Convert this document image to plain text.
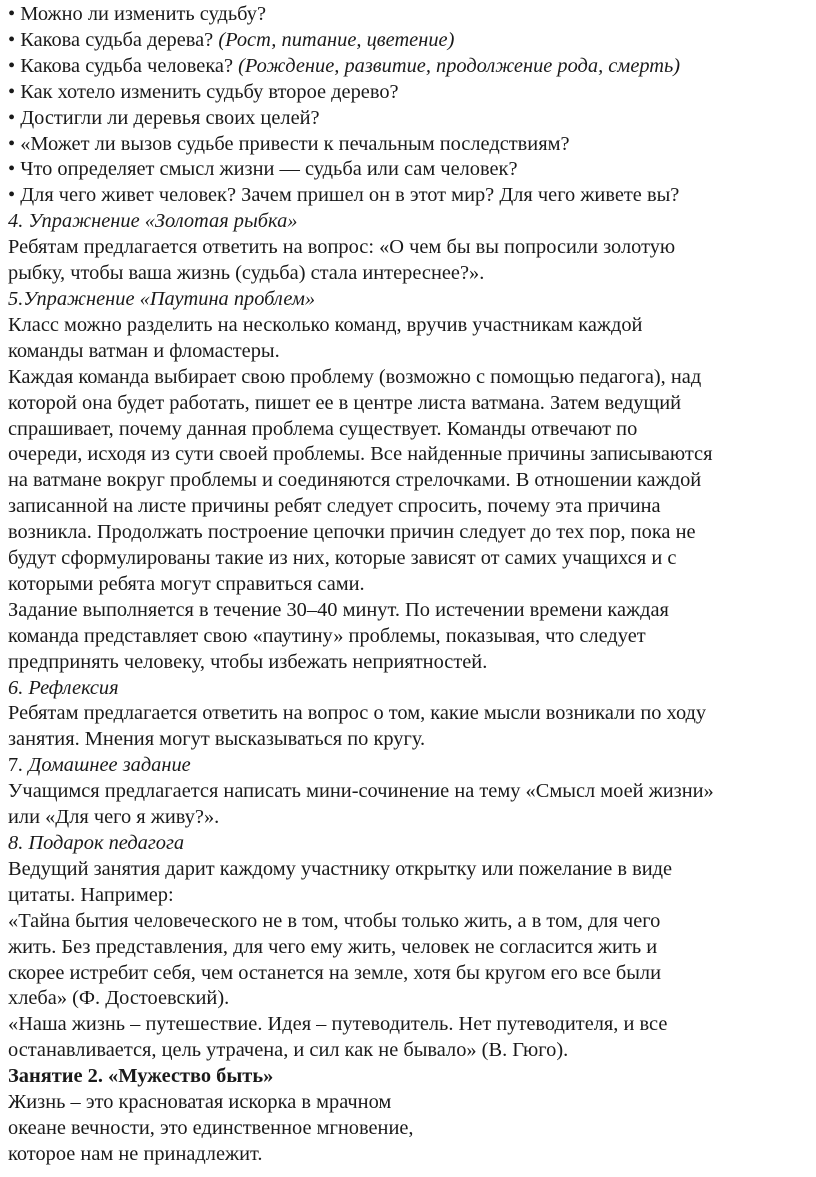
• Можно ли изменить судьбу?
• Какова судьба дерева? (Рост, питание, цветение)
• Какова судьба человека? (Рождение, развитие, продолжение рода, смерть)
• Как хотело изменить судьбу второе дерево?
• Достигли ли деревья своих целей?
• «Может ли вызов судьбе привести к печальным последствиям?
• Что определяет смысл жизни — судьба или сам человек?
• Для чего живет человек? Зачем пришел он в этот мир? Для чего живете вы?
4. Упражнение «Золотая рыбка»
Ребятам предлагается ответить на вопрос: «О чем бы вы попросили золотую
рыбку, чтобы ваша жизнь (судьба) стала интереснее?».
5.Упражнение «Паутина проблем»
Класс можно разделить на несколько команд, вручив участникам каждой
команды ватман и фломастеры.
Каждая команда выбирает свою проблему (возможно с помощью педагога), над
которой она будет работать, пишет ее в центре листа ватмана. Затем ведущий
спрашивает, почему данная проблема существует. Команды отвечают по
очереди, исходя из сути своей проблемы. Все найденные причины записываются
на ватмане вокруг проблемы и соединяются стрелочками. В отношении каждой
записанной на листе причины ребят следует спросить, почему эта причина
возникла. Продолжать построение цепочки причин следует до тех пор, пока не
будут сформулированы такие из них, которые зависят от самих учащихся и с
которыми ребята могут справиться сами.
Задание выполняется в течение 30–40 минут. По истечении времени каждая
команда представляет свою «паутину» проблемы, показывая, что следует
предпринять человеку, чтобы избежать неприятностей.
6. Рефлексия
Ребятам предлагается ответить на вопрос о том, какие мысли возникали по ходу
занятия. Мнения могут высказываться по кругу.
7. Домашнее задание
Учащимся предлагается написать мини-сочинение на тему «Смысл моей жизни»
или «Для чего я живу?».
8. Подарок педагога
Ведущий занятия дарит каждому участнику открытку или пожелание в виде
цитаты. Например:
«Тайна бытия человеческого не в том, чтобы только жить, а в том, для чего
жить. Без представления, для чего ему жить, человек не согласится жить и
скорее истребит себя, чем останется на земле, хотя бы кругом его все были
хлеба» (Ф. Достоевский).
«Наша жизнь – путешествие. Идея – путеводитель. Нет путеводителя, и все
останавливается, цель утрачена, и сил как не бывало» (В. Гюго).
Занятие 2. «Мужество быть»
Жизнь – это красноватая искорка в мрачном
океане вечности, это единственное мгновение,
которое нам не принадлежит.
